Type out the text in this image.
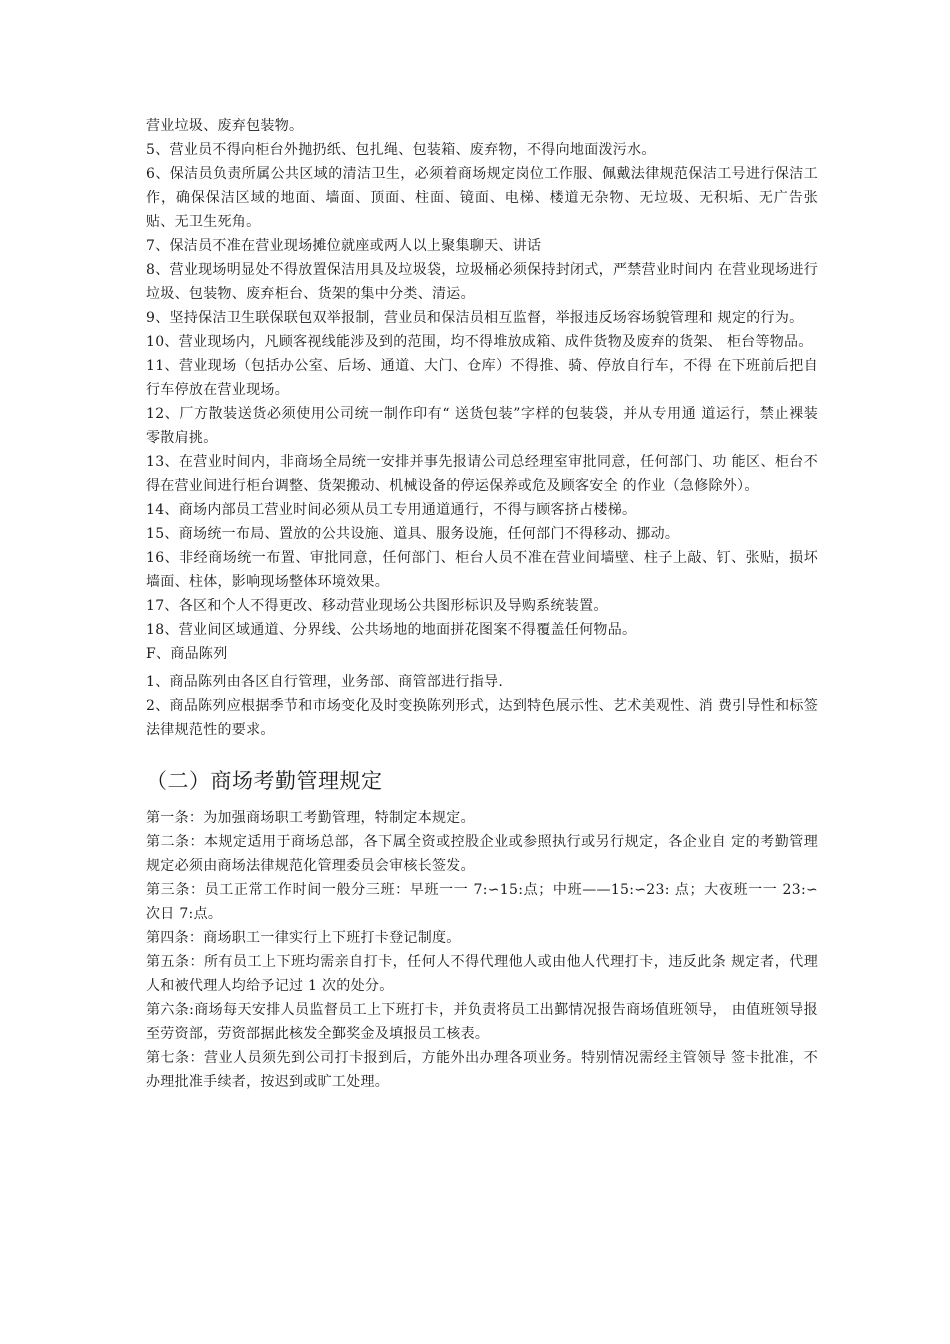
营业垃圾、废弃包装物。

5、营业员不得向柜台外抛扔纸、包扎绳、包装箱、废弃物，不得向地面泼污水。

6、保洁员负责所属公共区域的清洁卫生，必须着商场规定岗位工作服、佩戴法律规范保洁工号进行保洁工作，确保保洁区域的地面、墙面、顶面、柱面、镜面、电梯、楼道无杂物、无垃圾、无积垢、无广告张贴、无卫生死角。

7、保洁员不准在营业现场摊位就座或两人以上聚集聊天、讲话

8、营业现场明显处不得放置保洁用具及垃圾袋，垃圾桶必须保持封闭式，严禁营业时间内 在营业现场进行垃圾、包装物、废弃柜台、货架的集中分类、清运。

9、坚持保洁卫生联保联包双举报制，营业员和保洁员相互监督，举报违反场容场貌管理和 规定的行为。

10、营业现场内，凡顾客视线能涉及到的范围，均不得堆放成箱、成件货物及废弃的货架、 柜台等物品。

11、营业现场（包括办公室、后场、通道、大门、仓库）不得推、骑、停放自行车，不得 在下班前后把自行车停放在营业现场。

12、厂方散装送货必须使用公司统一制作印有“ 送货包装”字样的包装袋，并从专用通 道运行，禁止裸装零散肩挑。

13、在营业时间内，非商场全局统一安排并事先报请公司总经理室审批同意，任何部门、功 能区、柜台不得在营业间进行柜台调整、货架搬动、机械设备的停运保养或危及顾客安全 的作业（急修除外）。

14、商场内部员工营业时间必须从员工专用通道通行，不得与顾客挤占楼梯。

15、商场统一布局、置放的公共设施、道具、服务设施，任何部门不得移动、挪动。

16、非经商场统一布置、审批同意，任何部门、柜台人员不准在营业间墙壁、柱子上敲、钉、张贴，损坏墙面、柱体，影响现场整体环境效果。

17、各区和个人不得更改、移动营业现场公共图形标识及导购系统装置。

18、营业间区域通道、分界线、公共场地的地面拼花图案不得覆盖任何物品。

F、商品陈列

1、商品陈列由各区自行管理，业务部、商管部进行指导.

2、商品陈列应根据季节和市场变化及时变换陈列形式，达到特色展示性、艺术美观性、消 费引导性和标签法律规范性的要求。

（二）商场考勤管理规定

第一条：为加强商场职工考勤管理，特制定本规定。

第二条：本规定适用于商场总部，各下属全资或控股企业或参照执行或另行规定，各企业自 定的考勤管理规定必须由商场法律规范化管理委员会审核长签发。

第三条：员工正常工作时间一般分三班：早班一一 7:∽15:点；中班——15:∽23: 点；大夜班一一 23:∽次日 7:点。

第四条：商场职工一律实行上下班打卡登记制度。

第五条：所有员工上下班均需亲自打卡，任何人不得代理他人或由他人代理打卡，违反此条 规定者，代理人和被代理人均给予记过 1 次的处分。

第六条:商场每天安排人员监督员工上下班打卡，并负责将员工出鄞情况报告商场值班领导， 由值班领导报至劳资部，劳资部据此核发全鄞奖金及填报员工核表。

第七条：营业人员须先到公司打卡报到后，方能外出办理各项业务。特别情况需经主管领导 签卡批准，不办理批准手续者，按迟到或旷工处理。
